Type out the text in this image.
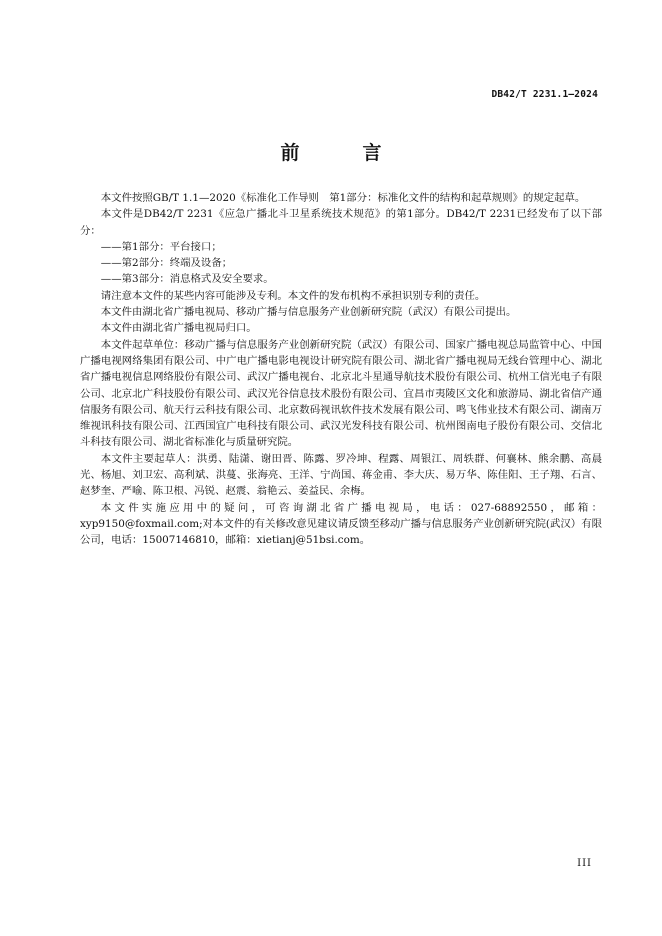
DB42/T 2231.1—2024
前　言

本文件按照GB/T 1.1—2020《标准化工作导则　第1部分：标准化文件的结构和起草规则》的规定起草。

本文件是DB42/T 2231《应急广播北斗卫星系统技术规范》的第1部分。DB42/T 2231已经发布了以下部分：

——第1部分：平台接口；

——第2部分：终端及设备；

——第3部分：消息格式及安全要求。

请注意本文件的某些内容可能涉及专利。本文件的发布机构不承担识别专利的责任。

本文件由湖北省广播电视局、移动广播与信息服务产业创新研究院（武汉）有限公司提出。

本文件由湖北省广播电视局归口。

本文件起草单位：移动广播与信息服务产业创新研究院（武汉）有限公司、国家广播电视总局监管中心、中国广播电视网络集团有限公司、中广电广播电影电视设计研究院有限公司、湖北省广播电视局无线台管理中心、湖北省广播电视信息网络股份有限公司、武汉广播电视台、北京北斗星通导航技术股份有限公司、杭州工信光电子有限公司、北京北广科技股份有限公司、武汉光谷信息技术股份有限公司、宜昌市夷陵区文化和旅游局、湖北省信产通信服务有限公司、航天行云科技有限公司、北京数码视讯软件技术发展有限公司、鸣飞伟业技术有限公司、湖南万维视讯科技有限公司、江西国宜广电科技有限公司、武汉光发科技有限公司、杭州图南电子股份有限公司、交信北斗科技有限公司、湖北省标准化与质量研究院。

本文件主要起草人：洪勇、陆潇、谢田晋、陈露、罗冷坤、程露、周银江、周轶群、何襄林、熊余鹏、高晨光、杨旭、刘卫宏、高利斌、洪蔓、张海亮、王洋、宁尚国、蒋金甫、李大庆、易万华、陈佳阳、王子翔、石言、赵梦奎、严喻、陈卫根、冯锐、赵震、翁艳云、姜益民、余梅。

本文件实施应用中的疑问，可咨询湖北省广播电视局，电话：027-68892550，邮箱：xyp9150@foxmail.com;对本文件的有关修改意见建议请反馈至移动广播与信息服务产业创新研究院(武汉）有限公司，电话：15007146810，邮箱：xietianj@51bsi.com。

III
